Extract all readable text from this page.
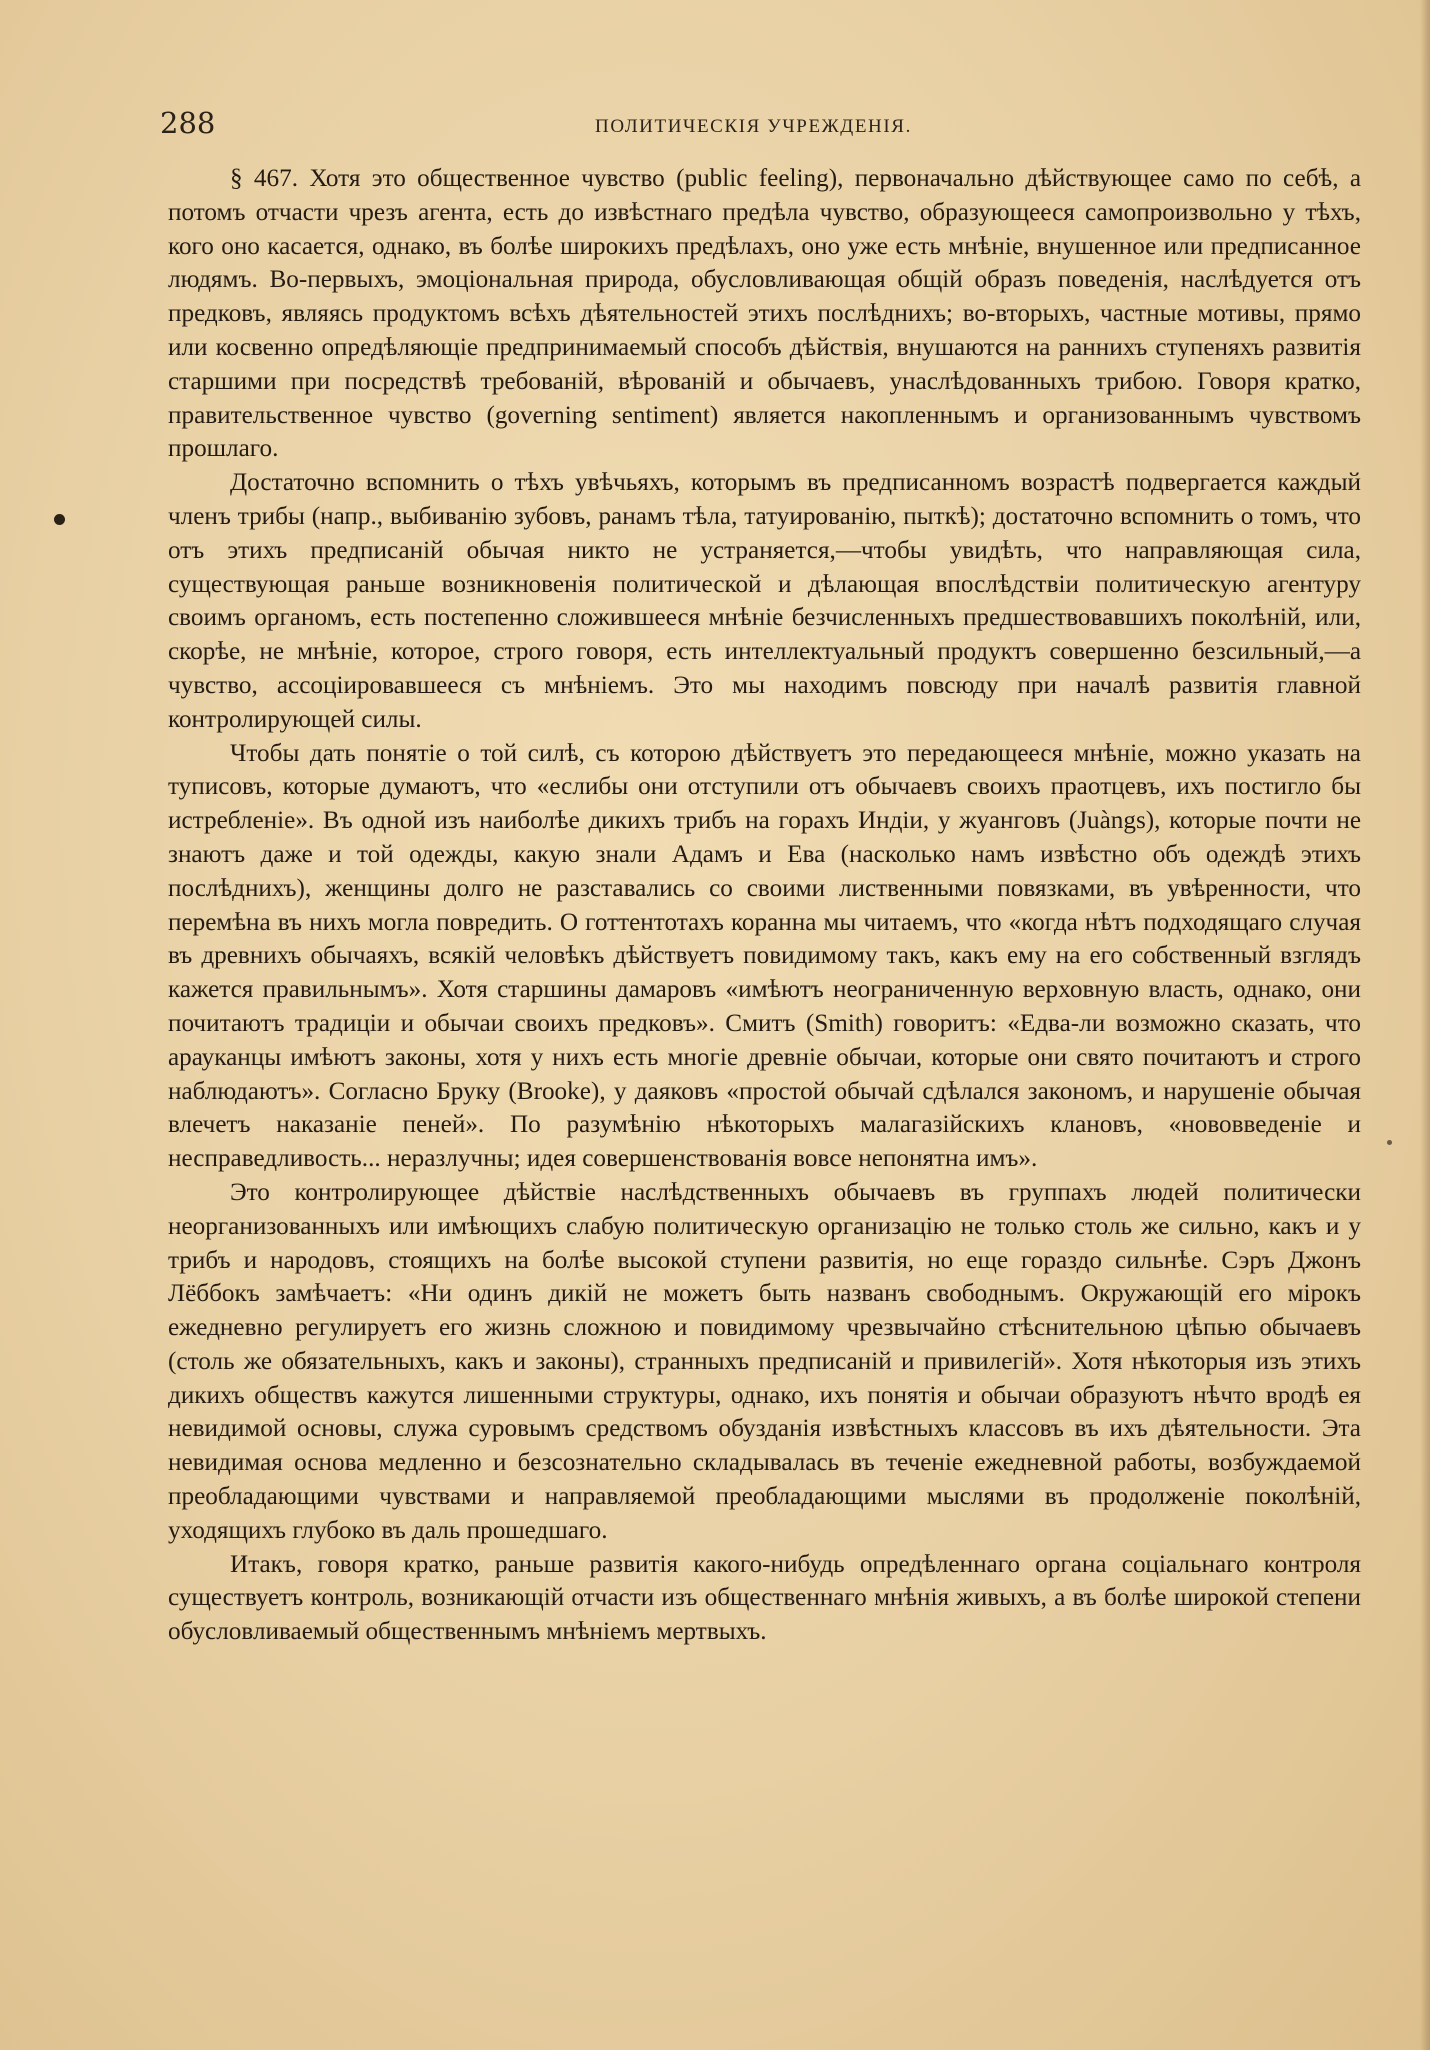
288	ПОЛИТИЧЕСКІЯ УЧРЕЖДЕНІЯ.

§ 467. Хотя это общественное чувство (public feeling), первоначально дѣйствующее само по себѣ, а потомъ отчасти чрезъ агента, есть до извѣстнаго предѣла чувство, образующееся самопроизвольно у тѣхъ, кого оно касается, однако, въ болѣе широкихъ предѣлахъ, оно уже есть мнѣніе, внушенное или предписанное людямъ. Во-первыхъ, эмоціональная природа, обусловливающая общій образъ поведенія, наслѣдуется отъ предковъ, являясь продуктомъ всѣхъ дѣятельностей этихъ послѣднихъ; во-вторыхъ, частные мотивы, прямо или косвенно опредѣляющіе предпринимаемый способъ дѣйствія, внушаются на раннихъ ступеняхъ развитія старшими при посредствѣ требованій, вѣрованій и обычаевъ, унаслѣдованныхъ трибою. Говоря кратко, правительственное чувство (governing sentiment) является накопленнымъ и организованнымъ чувствомъ прошлаго.

Достаточно вспомнить о тѣхъ увѣчьяхъ, которымъ въ предписанномъ возрастѣ подвергается каждый членъ трибы (напр., выбиванію зубовъ, ранамъ тѣла, татуированію, пыткѣ); достаточно вспомнить о томъ, что отъ этихъ предписаній обычая никто не устраняется,—чтобы увидѣть, что направляющая сила, существующая раньше возникновенія политической и дѣлающая впослѣдствіи политическую агентуру своимъ органомъ, есть постепенно сложившееся мнѣніе безчисленныхъ предшествовавшихъ поколѣній, или, скорѣе, не мнѣніе, которое, строго говоря, есть интеллектуальный продуктъ совершенно безсильный,—а чувство, ассоціировавшееся съ мнѣніемъ. Это мы находимъ повсюду при началѣ развитія главной контролирующей силы.

Чтобы дать понятіе о той силѣ, съ которою дѣйствуетъ это передающееся мнѣніе, можно указать на туписовъ, которые думаютъ, что «еслибы они отступили отъ обычаевъ своихъ праотцевъ, ихъ постигло бы истребленіе». Въ одной изъ наиболѣе дикихъ трибъ на горахъ Индіи, у жуанговъ (Juàngs), которые почти не знаютъ даже и той одежды, какую знали Адамъ и Ева (насколько намъ извѣстно объ одеждѣ этихъ послѣднихъ), женщины долго не разставались со своими лиственными повязками, въ увѣренности, что перемѣна въ нихъ могла повредить. О готтентотахъ коранна мы читаемъ, что «когда нѣтъ подходящаго случая въ древнихъ обычаяхъ, всякій человѣкъ дѣйствуетъ повидимому такъ, какъ ему на его собственный взглядъ кажется правильнымъ». Хотя старшины дамаровъ «имѣютъ неограниченную верховную власть, однако, они почитаютъ традиціи и обычаи своихъ предковъ». Смитъ (Smith) говоритъ: «Едва-ли возможно сказать, что арауканцы имѣютъ законы, хотя у нихъ есть многіе древніе обычаи, которые они свято почитаютъ и строго наблюдаютъ». Согласно Бруку (Brooke), у даяковъ «простой обычай сдѣлался закономъ, и нарушеніе обычая влечетъ наказаніе пеней». По разумѣнію нѣкоторыхъ малагазійскихъ клановъ, «нововведеніе и несправедливость... неразлучны; идея совершенствованія вовсе непонятна имъ».

Это контролирующее дѣйствіе наслѣдственныхъ обычаевъ въ группахъ людей политически неорганизованныхъ или имѣющихъ слабую политическую организацію не только столь же сильно, какъ и у трибъ и народовъ, стоящихъ на болѣе высокой ступени развитія, но еще гораздо сильнѣе. Сэръ Джонъ Лёббокъ замѣчаетъ: «Ни одинъ дикій не можетъ быть названъ свободнымъ. Окружающій его мірокъ ежедневно регулируетъ его жизнь сложною и повидимому чрезвычайно стѣснительною цѣпью обычаевъ (столь же обязательныхъ, какъ и законы), странныхъ предписаній и привилегій». Хотя нѣкоторыя изъ этихъ дикихъ обществъ кажутся лишенными структуры, однако, ихъ понятія и обычаи образуютъ нѣчто вродѣ ея невидимой основы, служа суровымъ средствомъ обузданія извѣстныхъ классовъ въ ихъ дѣятельности. Эта невидимая основа медленно и безсознательно складывалась въ теченіе ежедневной работы, возбуждаемой преобладающими чувствами и направляемой преобладающими мыслями въ продолженіе поколѣній, уходящихъ глубоко въ даль прошедшаго.

Итакъ, говоря кратко, раньше развитія какого-нибудь опредѣленнаго органа соціальнаго контроля существуетъ контроль, возникающій отчасти изъ общественнаго мнѣнія живыхъ, а въ болѣе широкой степени обусловливаемый общественнымъ мнѣніемъ мертвыхъ.
